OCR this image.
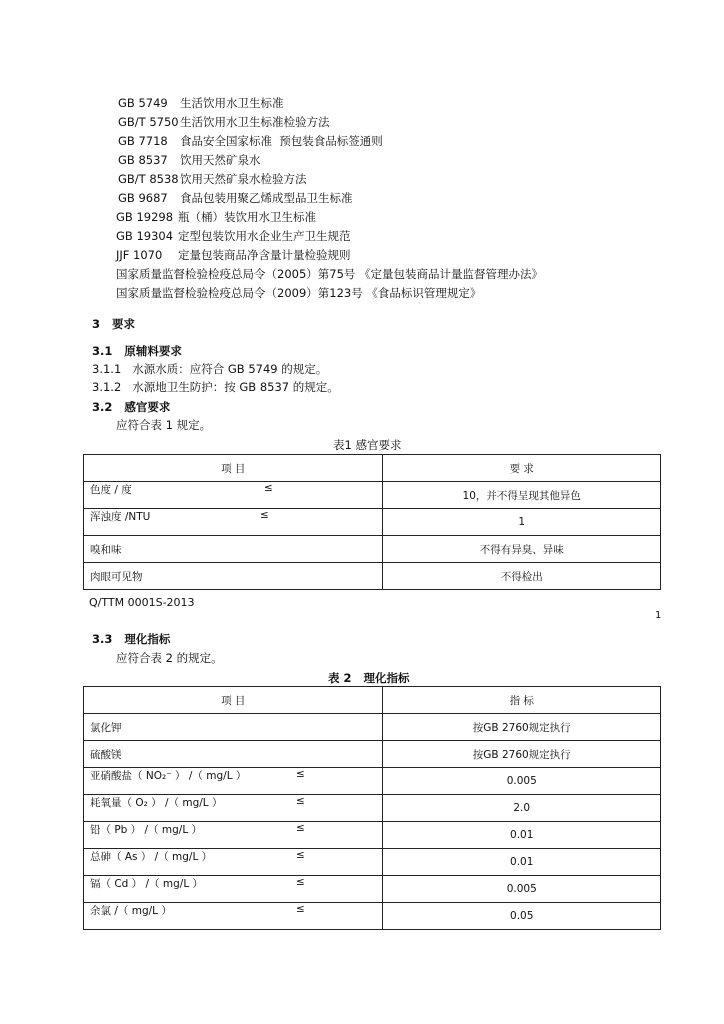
GB 5749 生活饮用水卫生标准
GB/T 5750生活饮用水卫生标准检验方法
GB 7718 食品安全国家标准  预包装食品标签通则
GB 8537 饮用天然矿泉水
GB/T 8538饮用天然矿泉水检验方法
GB 9687 食品包装用聚乙烯成型品卫生标准
GB 19298 瓶（桶）装饮用水卫生标准
GB 19304 定型包装饮用水企业生产卫生规范
JJF 1070 定量包装商品净含量计量检验规则
国家质量监督检验检疫总局令（2005）第75号 《定量包装商品计量监督管理办法》
国家质量监督检验检疫总局令（2009）第123号 《食品标识管理规定》
3   要求
3.1   原辅料要求
3.1.1   水源水质：应符合 GB 5749 的规定。
3.1.2   水源地卫生防护：按 GB 8537 的规定。
3.2   感官要求
应符合表 1 规定。
表1 感官要求
项 目	要 求

色度 / 度 ≤	10，并不得呈现其他异色

浑浊度 /NTU ≤	1
嗅和味	不得有异臭、异味
肉眼可见物	不得检出
Q/TTM 0001S-2013
1
3.3   理化指标
应符合表 2 的规定。
表 2   理化指标
项 目	指 标
氯化钾	按GB 2760规定执行
硫酸镁	按GB 2760规定执行

亚硝酸盐（ NO₂⁻ ） /（ mg/L ） ≤	0.005

耗氧量（ O₂ ） /（ mg/L ） ≤	2.0

铅（ Pb ） /（ mg/L ） ≤	0.01

总砷（ As ） /（ mg/L ） ≤	0.01

镉（ Cd ） /（ mg/L ） ≤	0.005

余氯 /（ mg/L ） ≤	0.05
